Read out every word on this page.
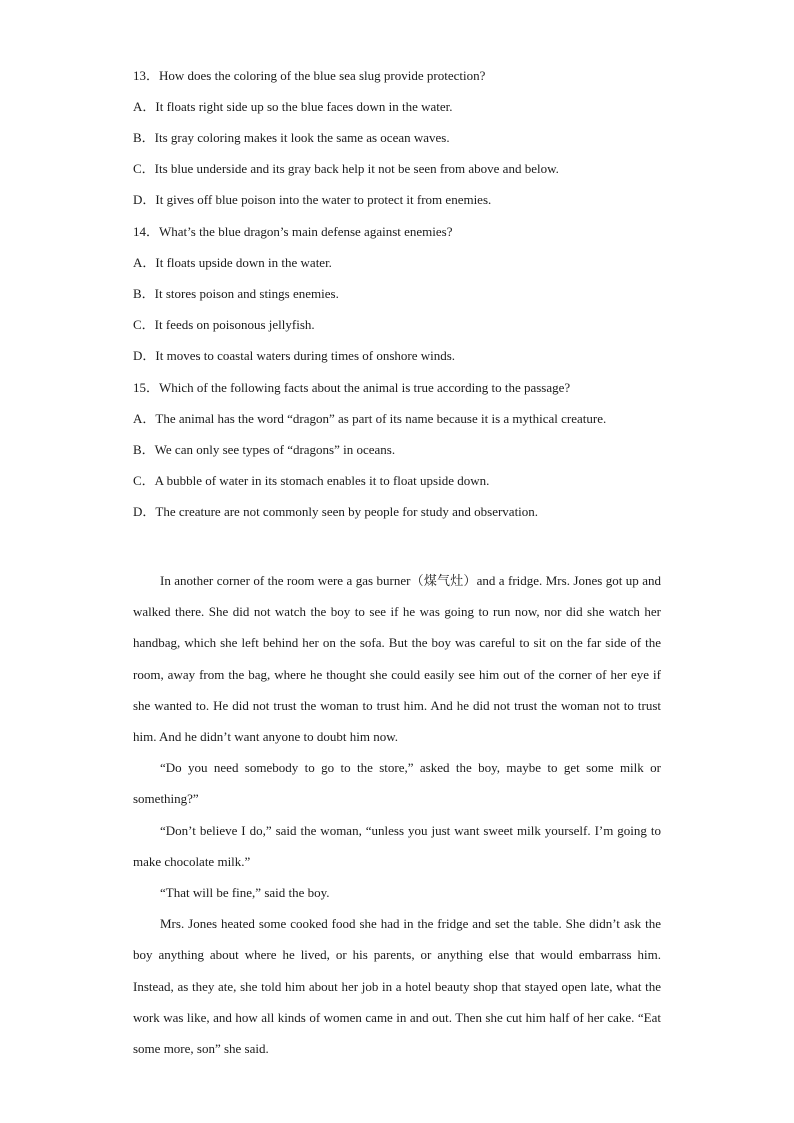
13．How does the coloring of the blue sea slug provide protection?
A．It floats right side up so the blue faces down in the water.
B．Its gray coloring makes it look the same as ocean waves.
C．Its blue underside and its gray back help it not be seen from above and below.
D．It gives off blue poison into the water to protect it from enemies.
14．What’s the blue dragon’s main defense against enemies?
A．It floats upside down in the water.
B．It stores poison and stings enemies.
C．It feeds on poisonous jellyfish.
D．It moves to coastal waters during times of onshore winds.
15．Which of the following facts about the animal is true according to the passage?
A．The animal has the word “dragon” as part of its name because it is a mythical creature.
B．We can only see types of “dragons” in oceans.
C．A bubble of water in its stomach enables it to float upside down.
D．The creature are not commonly seen by people for study and observation.

In another corner of the room were a gas burner（煤气灶）and a fridge. Mrs. Jones got up and walked there. She did not watch the boy to see if he was going to run now, nor did she watch her handbag, which she left behind her on the sofa. But the boy was careful to sit on the far side of the room, away from the bag, where he thought she could easily see him out of the corner of her eye if she wanted to. He did not trust the woman to trust him. And he did not trust the woman not to trust him. And he didn’t want anyone to doubt him now.

“Do you need somebody to go to the store,” asked the boy, maybe to get some milk or something?”

“Don’t believe I do,” said the woman, “unless you just want sweet milk yourself. I’m going to make chocolate milk.”

“That will be fine,” said the boy.

Mrs. Jones heated some cooked food she had in the fridge and set the table. She didn’t ask the boy anything about where he lived, or his parents, or anything else that would embarrass him. Instead, as they ate, she told him about her job in a hotel beauty shop that stayed open late, what the work was like, and how all kinds of women came in and out. Then she cut him half of her cake. “Eat some more, son” she said.
